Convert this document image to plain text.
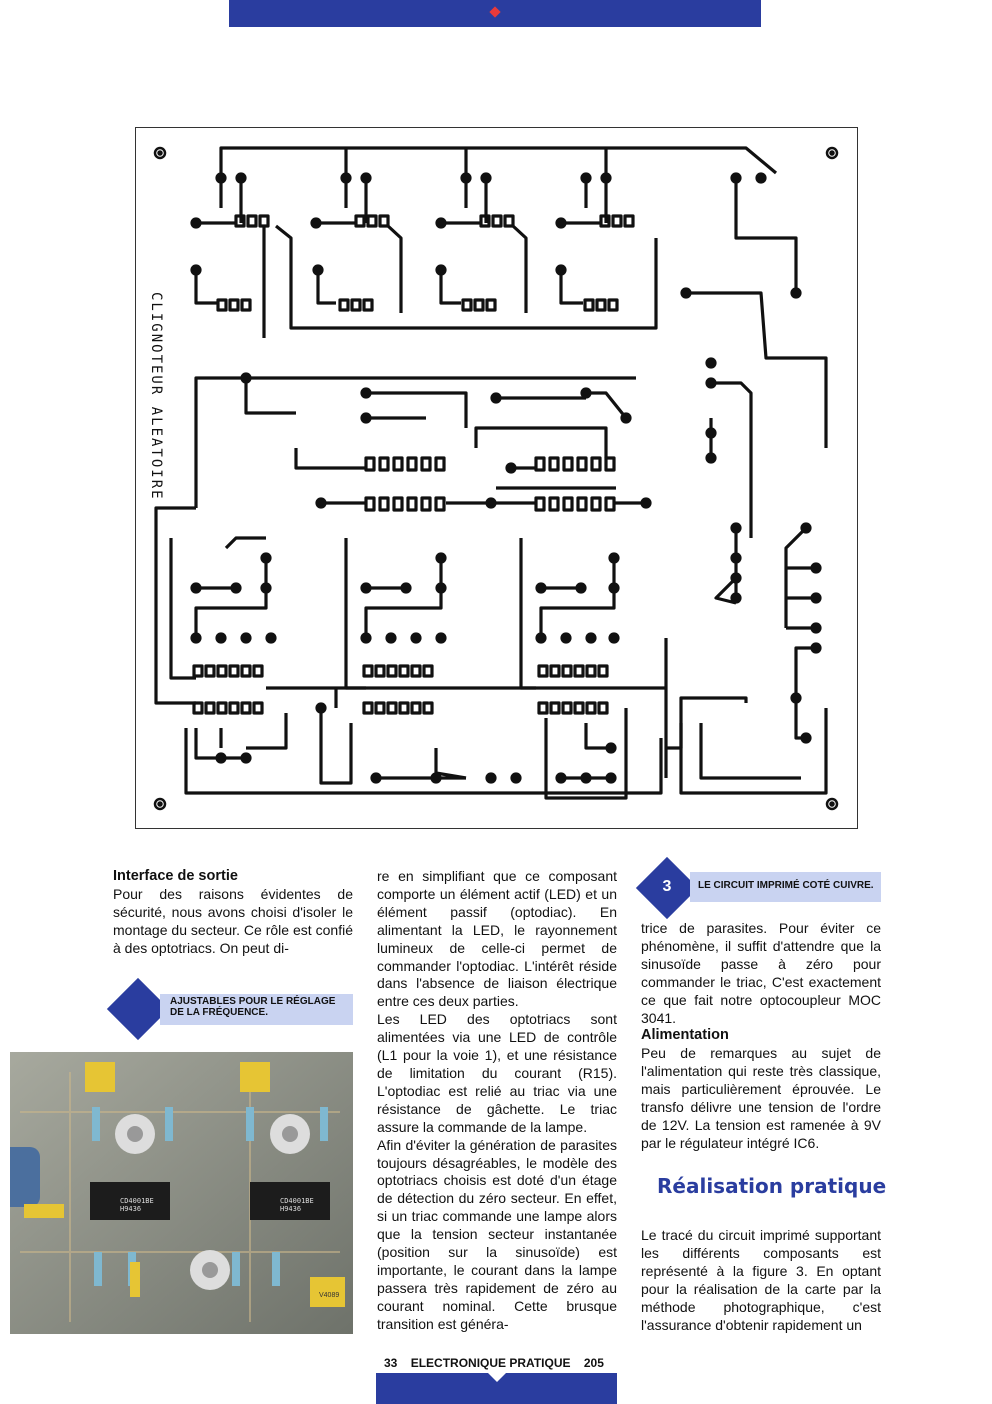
CLIGNOTEUR ALEATOIRE

Interface de sortie

Pour des raisons évidentes de sécurité, nous avons choisi d'isoler le montage du secteur. Ce rôle est confié à des optotriacs. On peut di-

AJUSTABLES POUR LE RÉGLAGE
DE LA FRÉQUENCE.
CD4001BE
H9436
CD4001BE
H9436
V4089

re en simplifiant que ce composant comporte un élément actif (LED) et un élément passif (optodiac). En alimentant la LED, le rayonnement lumineux de celle-ci permet de commander l'optodiac. L'intérêt réside dans l'absence de liaison électrique entre ces deux parties.

Les LED des optotriacs sont alimentées via une LED de contrôle (L1 pour la voie 1), et une résistance de limitation du courant (R15). L'optodiac est relié au triac via une résistance de gâchette. Le triac assure la commande de la lampe.

Afin d'éviter la génération de parasites toujours désagréables, le modèle des optotriacs choisis est doté d'un étage de détection du zéro secteur. En effet, si un triac commande une lampe alors que la tension secteur instantanée (position sur la sinusoïde) est importante, le courant dans la lampe passera très rapidement de zéro au courant nominal. Cette brusque transition est généra-

3	LE CIRCUIT IMPRIMÉ COTÉ CUIVRE.

trice de parasites. Pour éviter ce phénomène, il suffit d'attendre que la sinusoïde passe à zéro pour commander le triac, C'est exactement ce que fait notre optocoupleur MOC 3041.

Alimentation

Peu de remarques au sujet de l'alimentation qui reste très classique, mais particulièrement éprouvée. Le transfo délivre une tension de l'ordre de 12V. La tension est ramenée à 9V par le régulateur intégré IC6.

Réalisation pratique

Le tracé du circuit imprimé supportant les différents composants est représenté à la figure 3. En optant pour la réalisation de la carte par la méthode photographique, c'est l'assurance d'obtenir rapidement un

33 ELECTRONIQUE PRATIQUE 205
